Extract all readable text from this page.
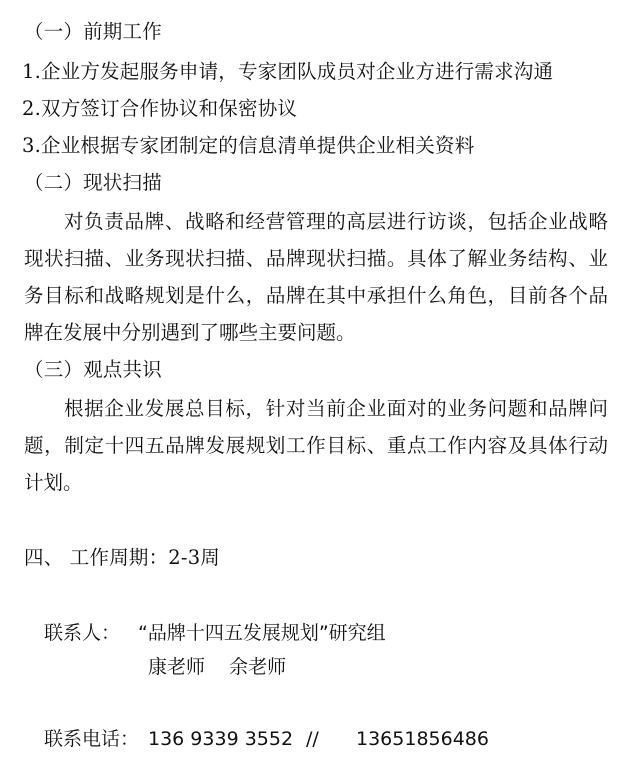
（一）前期工作
1.企业方发起服务申请，专家团队成员对企业方进行需求沟通
2.双方签订合作协议和保密协议
3.企业根据专家团制定的信息清单提供企业相关资料
（二）现状扫描
对负责品牌、战略和经营管理的高层进行访谈，包括企业战略现状扫描、业务现状扫描、品牌现状扫描。具体了解业务结构、业务目标和战略规划是什么，品牌在其中承担什么角色，目前各个品牌在发展中分别遇到了哪些主要问题。
（三）观点共识
根据企业发展总目标，针对当前企业面对的业务问题和品牌问题，制定十四五品牌发展规划工作目标、重点工作内容及具体行动计划。
四、 工作周期：2-3周
联系人： “品牌十四五发展规划”研究组
康老师    余老师
联系电话： 136 9339 3552 // 13651856486
